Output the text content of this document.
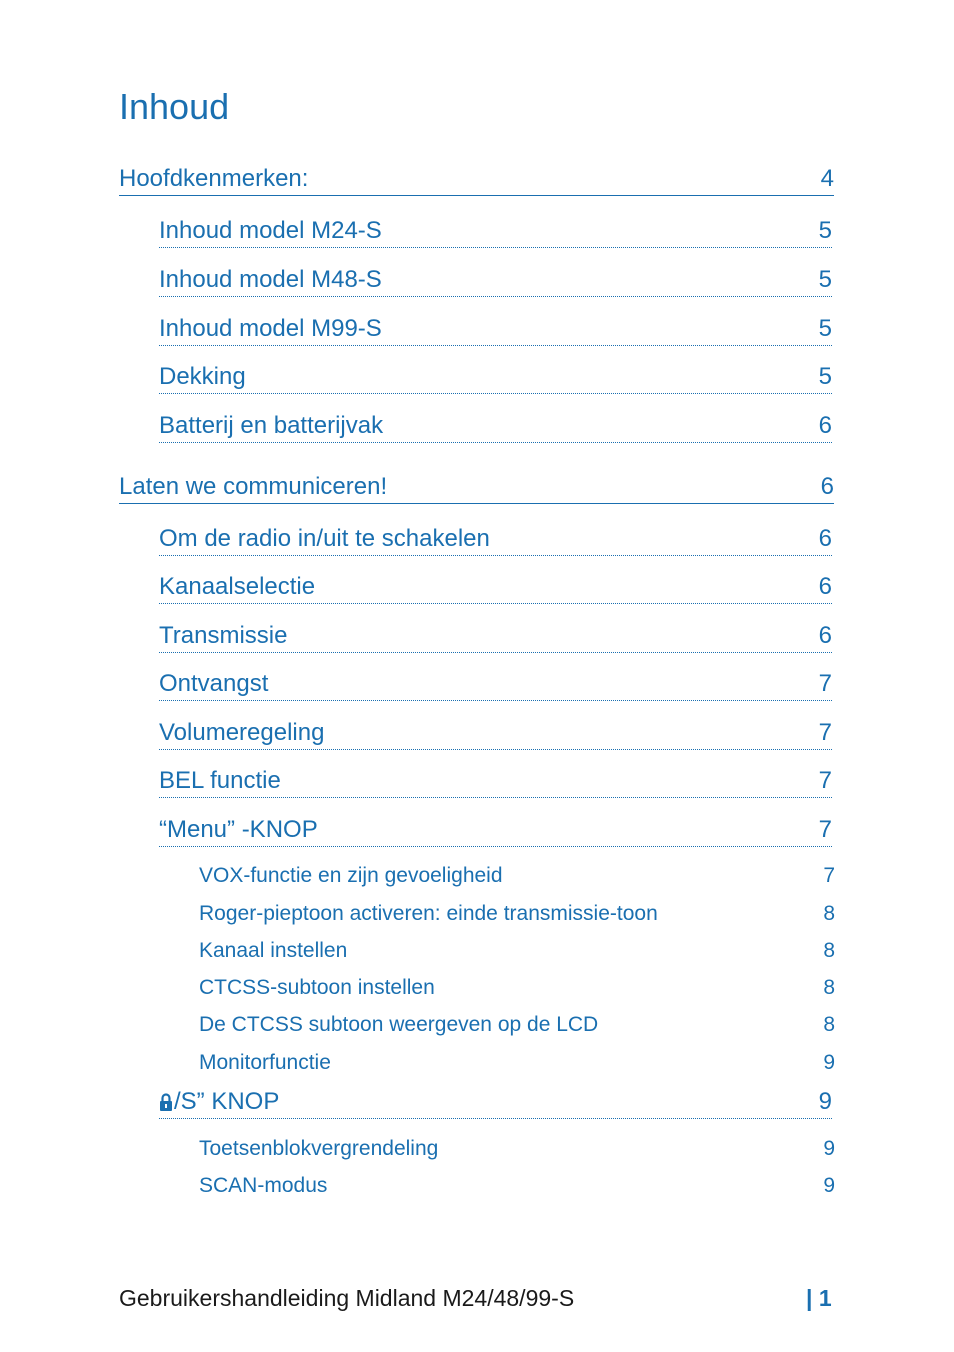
Inhoud
Hoofdkenmerken:	4
Inhoud model M24-S	5
Inhoud model M48-S	5
Inhoud model M99-S	5
Dekking	5
Batterij en batterijvak	6
Laten we communiceren!	6
Om de radio in/uit te schakelen	6
Kanaalselectie	6
Transmissie	6
Ontvangst	7
Volumeregeling	7
BEL functie	7
“Menu” -KNOP	7
VOX-functie en zijn gevoeligheid	7
Roger-pieptoon activeren: einde transmissie-toon	8
Kanaal instellen	8
CTCSS-subtoon instellen	8
De CTCSS subtoon weergeven op de LCD	8
Monitorfunctie	9
/S” KNOP	9
Toetsenblokvergrendeling	9
SCAN-modus	9
Gebruikershandleiding Midland M24/48/99-S	| 1
